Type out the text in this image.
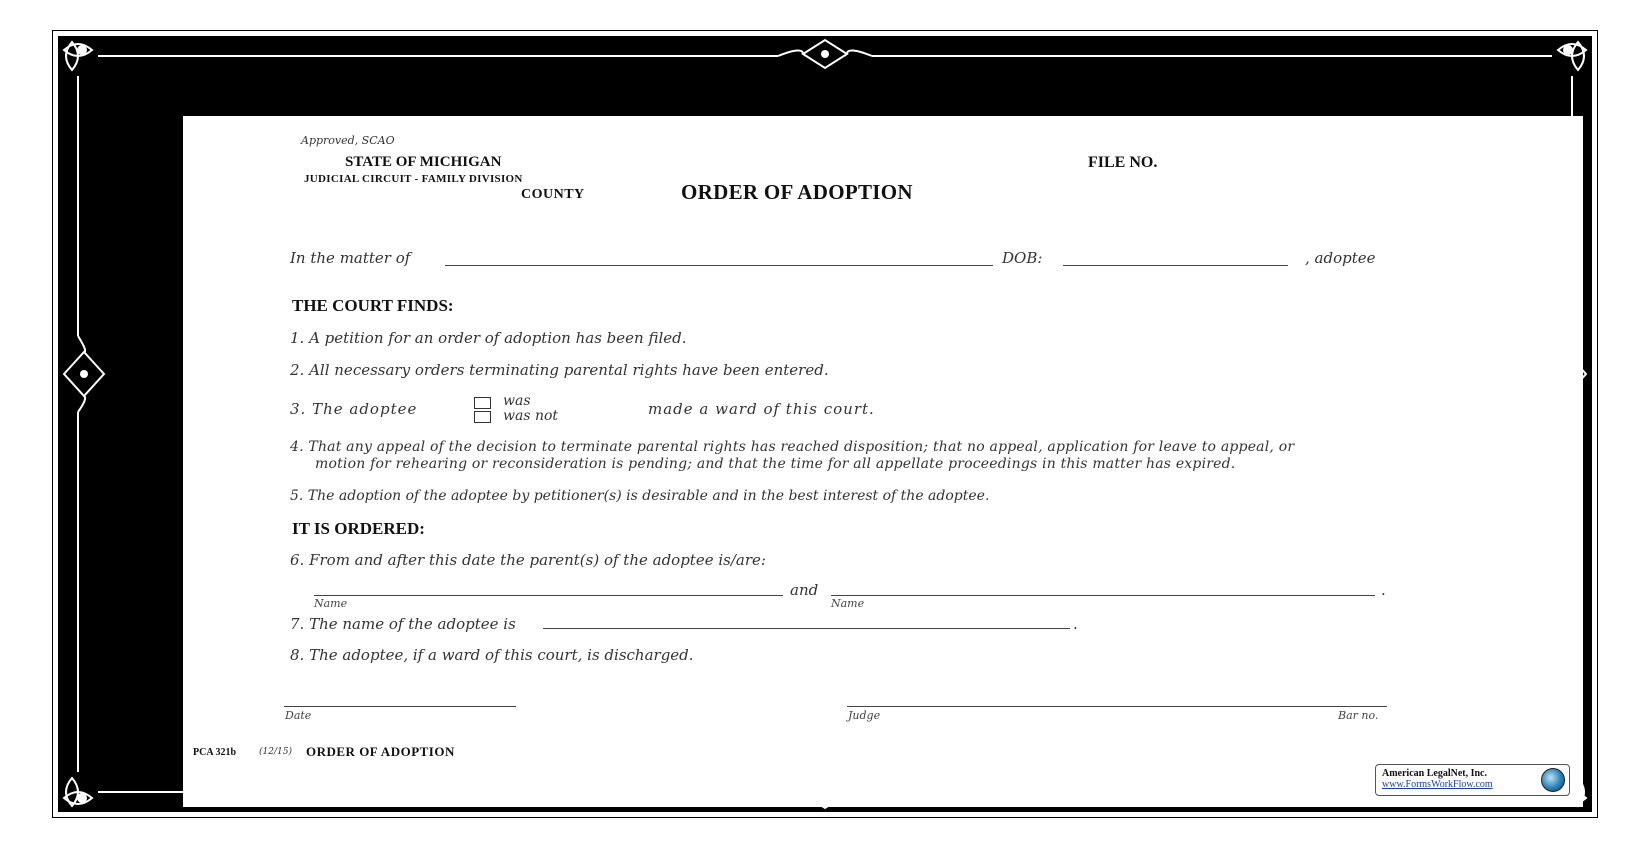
Approved, SCAO
STATE OF MICHIGAN
JUDICIAL CIRCUIT - FAMILY DIVISION
COUNTY	ORDER OF ADOPTION
FILE NO.
In the matter of	DOB:	, adoptee
THE COURT FINDS:
1. A petition for an order of adoption has been filed.
2. All necessary orders terminating parental rights have been entered.
3. The adoptee	was
was not	made a ward of this court.
4. That any appeal of the decision to terminate parental rights has reached disposition; that no appeal, application for leave to appeal, or
motion for rehearing or reconsideration is pending; and that the time for all appellate proceedings in this matter has expired.
5. The adoption of the adoptee by petitioner(s) is desirable and in the best interest of the adoptee.
IT IS ORDERED:
6. From and after this date the parent(s) of the adoptee is/are:
and	.
Name	Name
7. The name of the adoptee is	.
8. The adoptee, if a ward of this court, is discharged.
Date	Judge	Bar no.
PCA 321b	(12/15) ORDER OF ADOPTION
American LegalNet, Inc.
www.FormsWorkFlow.com
